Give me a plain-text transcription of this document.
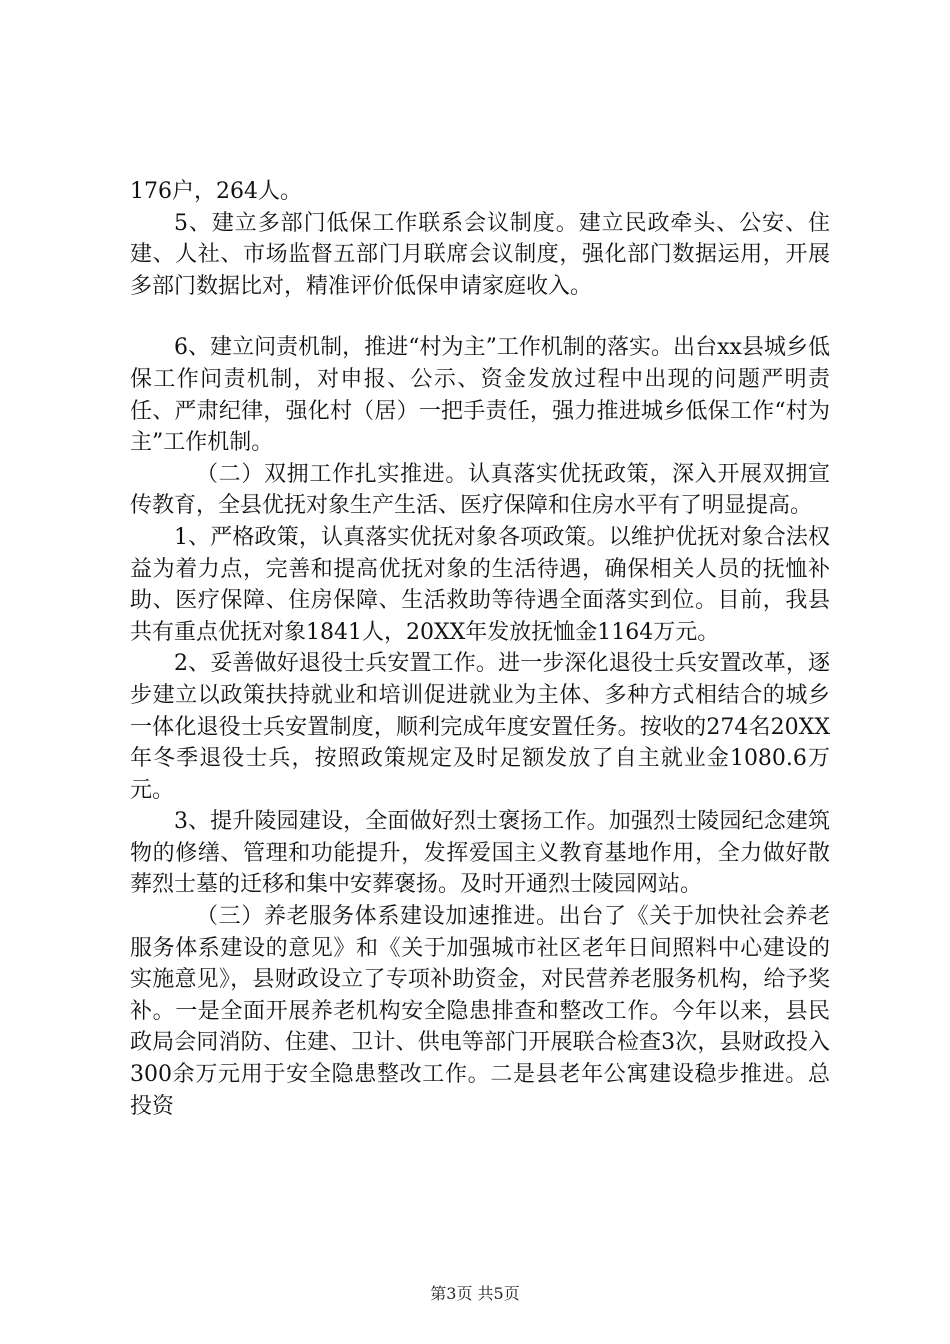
176户，264人。

5、建立多部门低保工作联系会议制度。建立民政牵头、公安、住建、人社、市场监督五部门月联席会议制度，强化部门数据运用，开展多部门数据比对，精准评价低保申请家庭收入。

6、建立问责机制，推进“村为主”工作机制的落实。出台xx县城乡低保工作问责机制，对申报、公示、资金发放过程中出现的问题严明责任、严肃纪律，强化村（居）一把手责任，强力推进城乡低保工作“村为主”工作机制。

（二）双拥工作扎实推进。认真落实优抚政策，深入开展双拥宣传教育，全县优抚对象生产生活、医疗保障和住房水平有了明显提高。

1、严格政策，认真落实优抚对象各项政策。以维护优抚对象合法权益为着力点，完善和提高优抚对象的生活待遇，确保相关人员的抚恤补助、医疗保障、住房保障、生活救助等待遇全面落实到位。目前，我县共有重点优抚对象1841人，20XX年发放抚恤金1164万元。

2、妥善做好退役士兵安置工作。进一步深化退役士兵安置改革，逐步建立以政策扶持就业和培训促进就业为主体、多种方式相结合的城乡一体化退役士兵安置制度，顺利完成年度安置任务。按收的274名20XX年冬季退役士兵，按照政策规定及时足额发放了自主就业金1080.6万元。

3、提升陵园建设，全面做好烈士褒扬工作。加强烈士陵园纪念建筑物的修缮、管理和功能提升，发挥爱国主义教育基地作用，全力做好散葬烈士墓的迁移和集中安葬褒扬。及时开通烈士陵园网站。

（三）养老服务体系建设加速推进。出台了《关于加快社会养老服务体系建设的意见》和《关于加强城市社区老年日间照料中心建设的实施意见》，县财政设立了专项补助资金，对民营养老服务机构，给予奖补。一是全面开展养老机构安全隐患排查和整改工作。今年以来，县民政局会同消防、住建、卫计、供电等部门开展联合检查3次，县财政投入300余万元用于安全隐患整改工作。二是县老年公寓建设稳步推进。总投资

第3页 共5页
